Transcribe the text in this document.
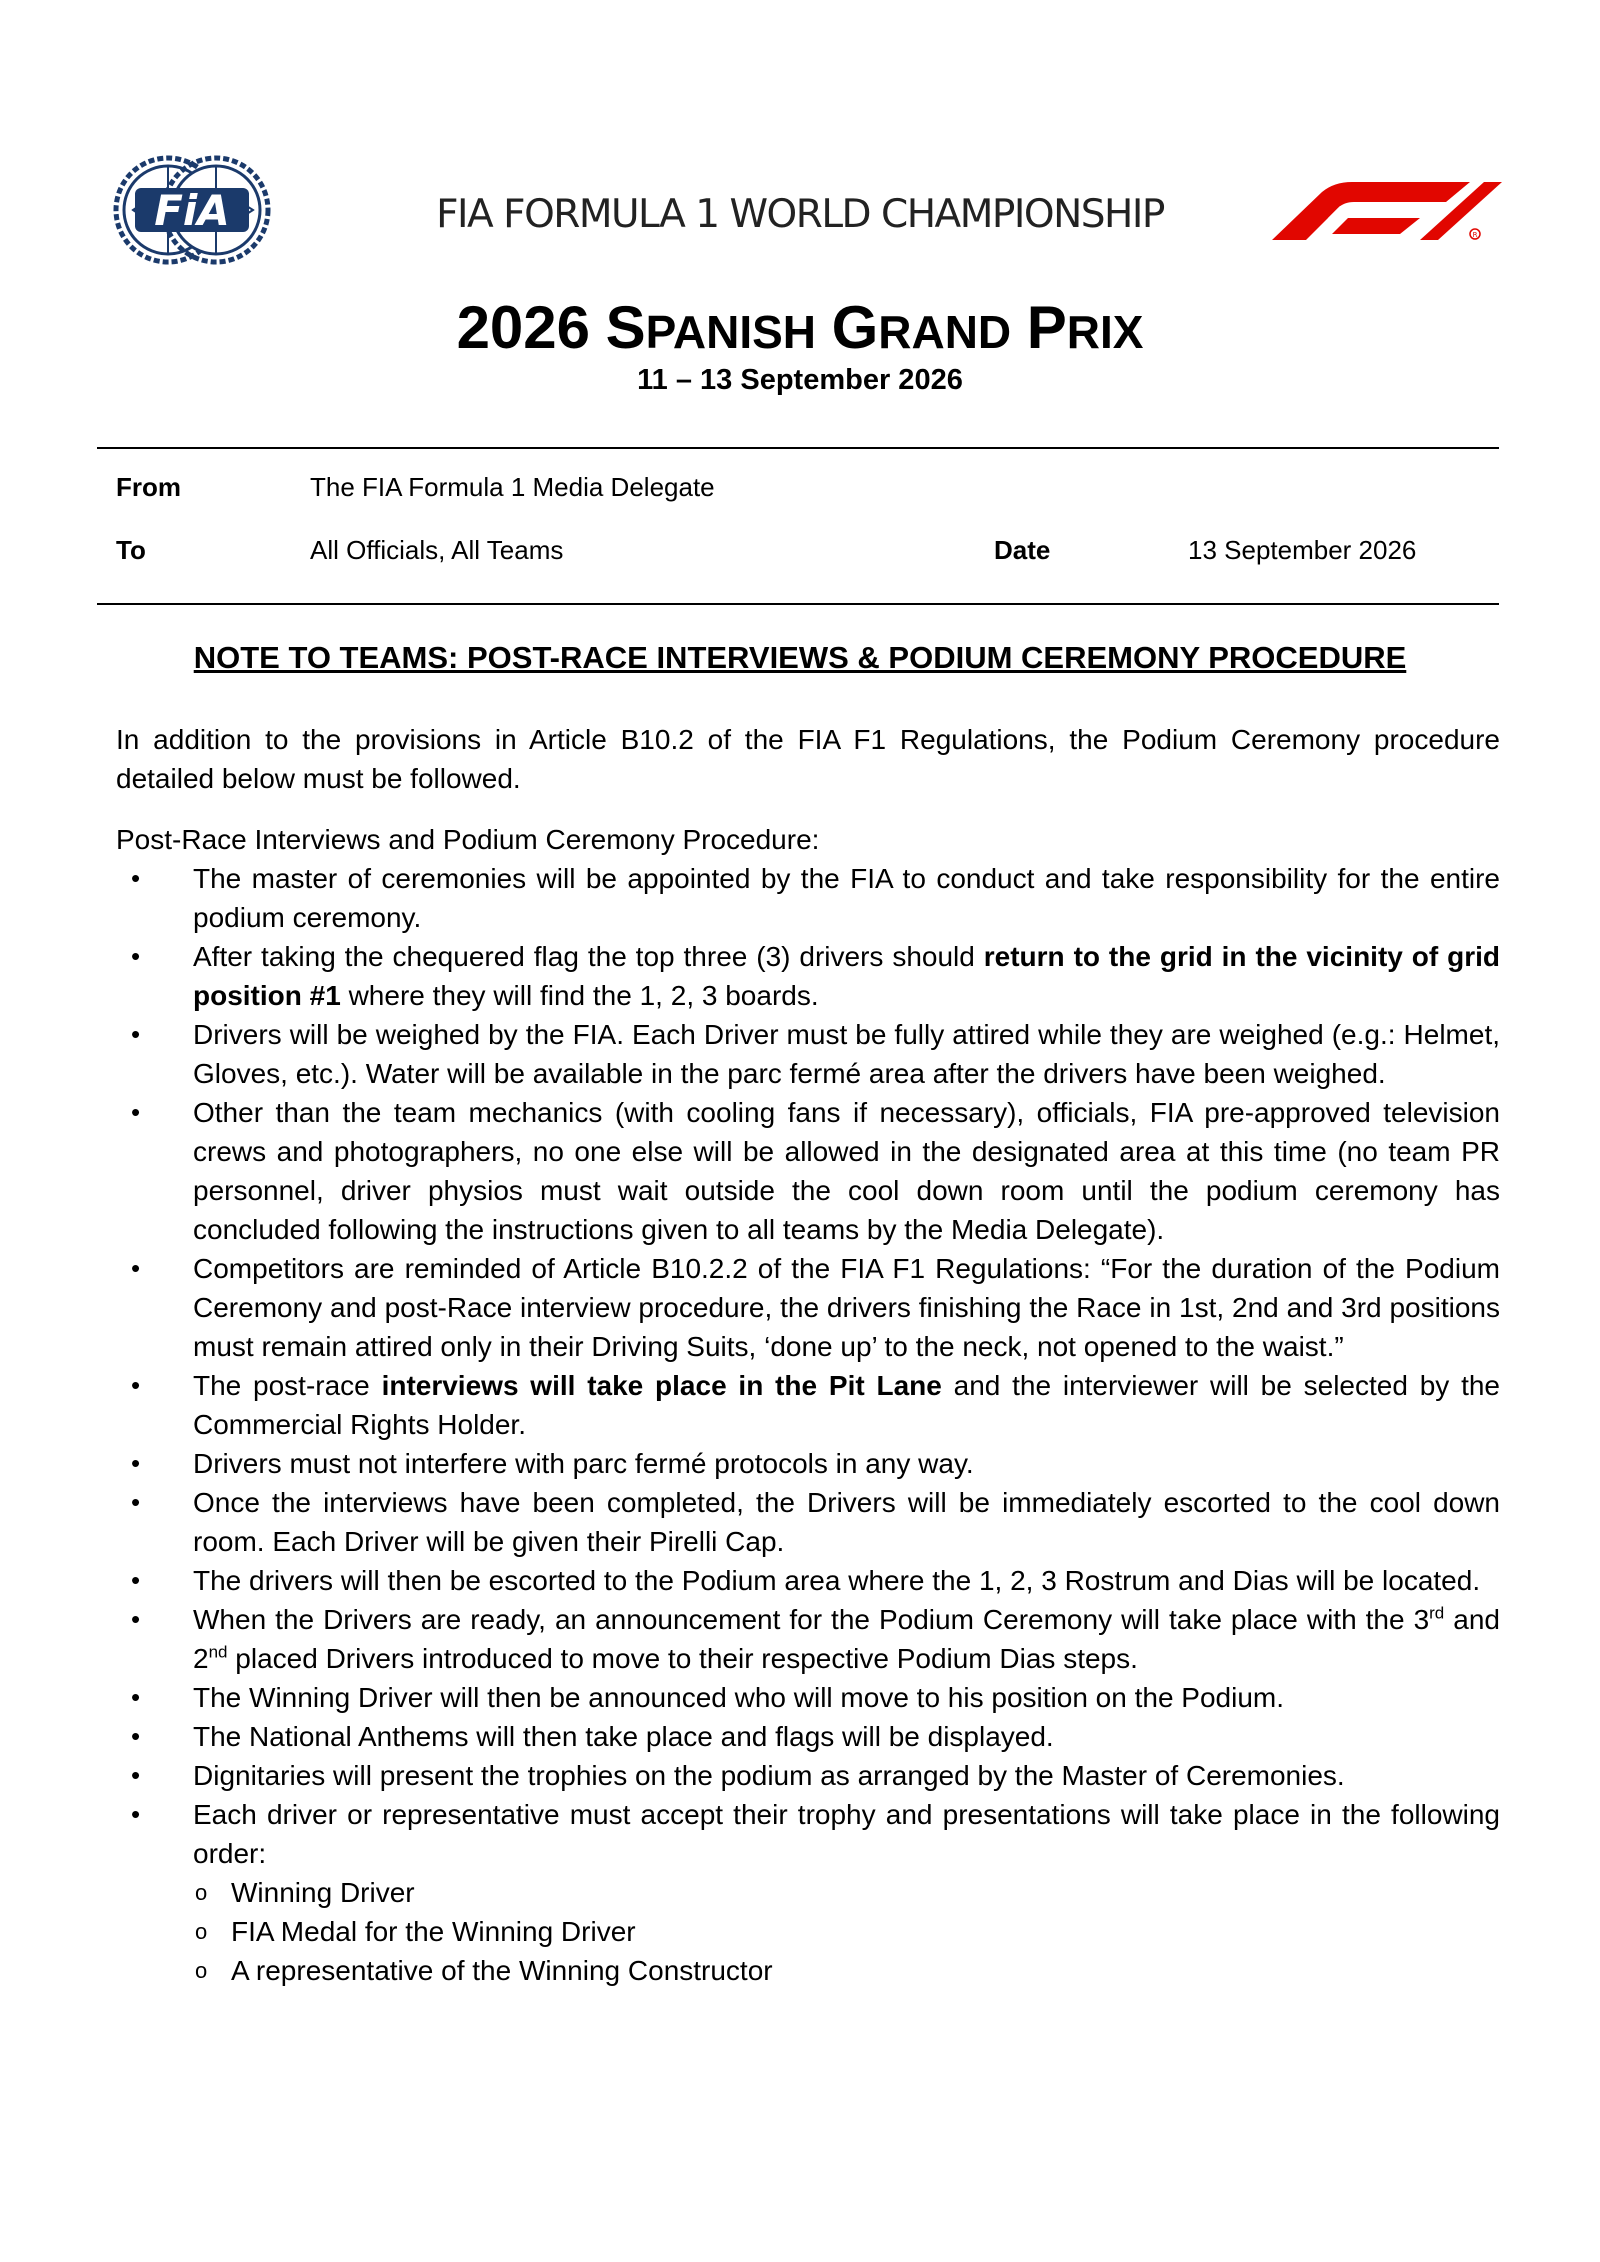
FiA	FIA FORMULA 1 WORLD CHAMPIONSHIP	R
2026 SPANISH GRAND PRIX
11 – 13 September 2026
From	The FIA Formula 1 Media Delegate
To	All Officials, All Teams	Date	13 September 2026
NOTE TO TEAMS: POST-RACE INTERVIEWS & PODIUM CEREMONY PROCEDURE

In addition to the provisions in Article B10.2 of the FIA F1 Regulations, the Podium Ceremony procedure detailed below must be followed.

Post-Race Interviews and Podium Ceremony Procedure:

• The master of ceremonies will be appointed by the FIA to conduct and take responsibility for the entire podium ceremony.
• After taking the chequered flag the top three (3) drivers should return to the grid in the vicinity of grid position #1 where they will find the 1, 2, 3 boards.
• Drivers will be weighed by the FIA. Each Driver must be fully attired while they are weighed (e.g.: Helmet, Gloves, etc.). Water will be available in the parc fermé area after the drivers have been weighed.
• Other than the team mechanics (with cooling fans if necessary), officials, FIA pre-approved television crews and photographers, no one else will be allowed in the designated area at this time (no team PR personnel, driver physios must wait outside the cool down room until the podium ceremony has concluded following the instructions given to all teams by the Media Delegate).
• Competitors are reminded of Article B10.2.2 of the FIA F1 Regulations: “For the duration of the Podium Ceremony and post-Race interview procedure, the drivers finishing the Race in 1st, 2nd and 3rd positions must remain attired only in their Driving Suits, ‘done up’ to the neck, not opened to the waist.”
• The post-race interviews will take place in the Pit Lane and the interviewer will be selected by the Commercial Rights Holder.
• Drivers must not interfere with parc fermé protocols in any way.
• Once the interviews have been completed, the Drivers will be immediately escorted to the cool down room. Each Driver will be given their Pirelli Cap.
• The drivers will then be escorted to the Podium area where the 1, 2, 3 Rostrum and Dias will be located.
• When the Drivers are ready, an announcement for the Podium Ceremony will take place with the 3rd and 2nd placed Drivers introduced to move to their respective Podium Dias steps.
• The Winning Driver will then be announced who will move to his position on the Podium.
• The National Anthems will then take place and flags will be displayed.
• Dignitaries will present the trophies on the podium as arranged by the Master of Ceremonies.
• Each driver or representative must accept their trophy and presentations will take place in the following order:
o Winning Driver
o FIA Medal for the Winning Driver
o A representative of the Winning Constructor
